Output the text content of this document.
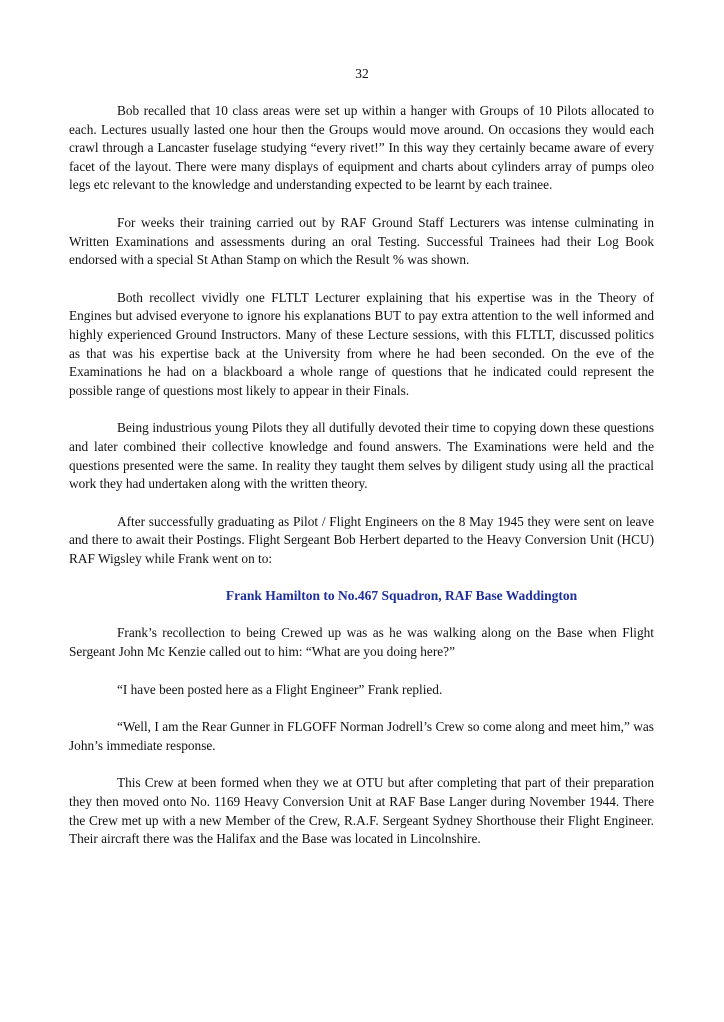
32

Bob recalled that 10 class areas were set up within a hanger with Groups of 10 Pilots allocated to each. Lectures usually lasted one hour then the Groups would move around. On occasions they would each crawl through a Lancaster fuselage studying “every rivet!” In this way they certainly became aware of every facet of the layout. There were many displays of equipment and charts about cylinders array of pumps oleo legs etc relevant to the knowledge and understanding expected to be learnt by each trainee.

For weeks their training carried out by RAF Ground Staff Lecturers was intense culminating in Written Examinations and assessments during an oral Testing. Successful Trainees had their Log Book endorsed with a special St Athan Stamp on which the Result % was shown.

Both recollect vividly one FLTLT Lecturer explaining that his expertise was in the Theory of Engines but advised everyone to ignore his explanations BUT to pay extra attention to the well informed and highly experienced Ground Instructors. Many of these Lecture sessions, with this FLTLT, discussed politics as that was his expertise back at the University from where he had been seconded. On the eve of the Examinations he had on a blackboard a whole range of questions that he indicated could represent the possible range of questions most likely to appear in their Finals.

Being industrious young Pilots they all dutifully devoted their time to copying down these questions and later combined their collective knowledge and found answers. The Examinations were held and the questions presented were the same. In reality they taught them selves by diligent study using all the practical work they had undertaken along with the written theory.

After successfully graduating as Pilot / Flight Engineers on the 8 May 1945 they were sent on leave and there to await their Postings. Flight Sergeant Bob Herbert departed to the Heavy Conversion Unit (HCU) RAF Wigsley while Frank went on to:

Frank Hamilton to No.467 Squadron, RAF Base Waddington

Frank’s recollection to being Crewed up was as he was walking along on the Base when Flight Sergeant John Mc Kenzie called out to him: “What are you doing here?”

“I have been posted here as a Flight Engineer” Frank replied.

“Well, I am the Rear Gunner in FLGOFF Norman Jodrell’s Crew so come along and meet him,” was John’s immediate response.

This Crew at been formed when they we at OTU but after completing that part of their preparation they then moved onto No. 1169 Heavy Conversion Unit at RAF Base Langer during November 1944. There the Crew met up with a new Member of the Crew, R.A.F. Sergeant Sydney Shorthouse their Flight Engineer. Their aircraft there was the Halifax and the Base was located in Lincolnshire.
